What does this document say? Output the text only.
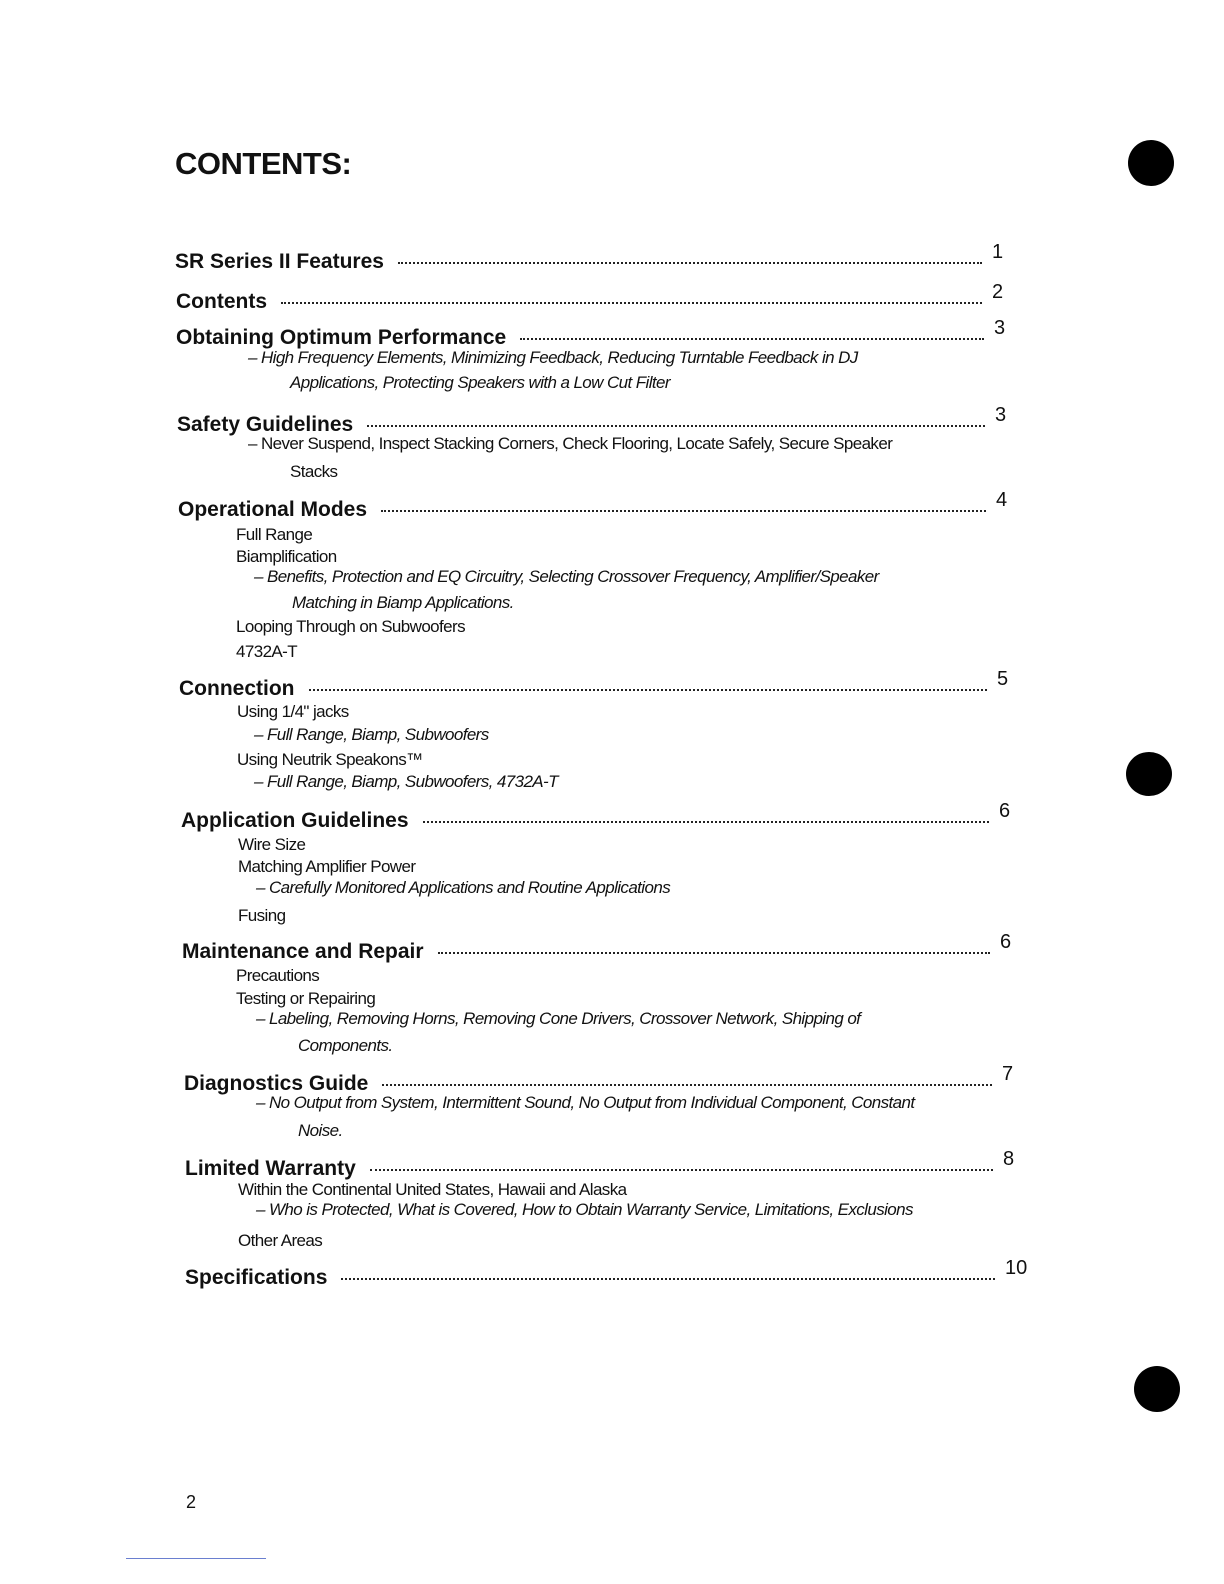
CONTENTS:
SR Series II Features	1
Contents	2
Obtaining Optimum Performance	3
– High Frequency Elements, Minimizing Feedback, Reducing Turntable Feedback in DJ
Applications, Protecting Speakers with a Low Cut Filter
Safety Guidelines	3
– Never Suspend, Inspect Stacking Corners, Check Flooring, Locate Safely, Secure Speaker
Stacks
Operational Modes	4
Full Range
Biamplification
– Benefits, Protection and EQ Circuitry, Selecting Crossover Frequency, Amplifier/Speaker
Matching in Biamp Applications.
Looping Through on Subwoofers
4732A-T
Connection	5
Using 1/4" jacks
– Full Range, Biamp, Subwoofers
Using Neutrik Speakons™
– Full Range, Biamp, Subwoofers, 4732A-T
Application Guidelines	6
Wire Size
Matching Amplifier Power
– Carefully Monitored Applications and Routine Applications
Fusing
Maintenance and Repair	6
Precautions
Testing or Repairing
– Labeling, Removing Horns, Removing Cone Drivers, Crossover Network, Shipping of
Components.
Diagnostics Guide	7
– No Output from System, Intermittent Sound, No Output from Individual Component, Constant
Noise.
Limited Warranty	8
Within the Continental United States, Hawaii and Alaska
– Who is Protected, What is Covered, How to Obtain Warranty Service, Limitations, Exclusions
Other Areas
Specifications	10
2
